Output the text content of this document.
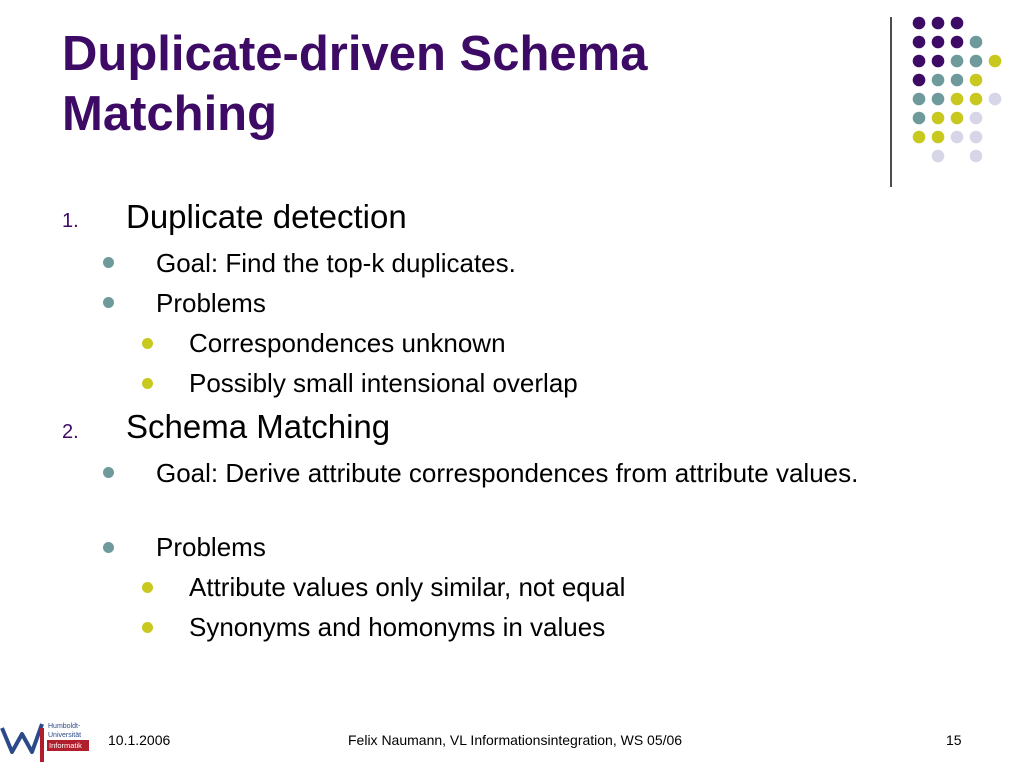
Duplicate-driven Schema Matching
1. Duplicate detection
Goal: Find the top-k duplicates.
Problems
Correspondences unknown
Possibly small intensional overlap
2. Schema Matching
Goal: Derive attribute correspondences from attribute values.
Problems
Attribute values only similar, not equal
Synonyms and homonyms in values
Humboldt-
Universität
Informatik 10.1.2006	Felix Naumann, VL Informationsintegration, WS 05/06	15
